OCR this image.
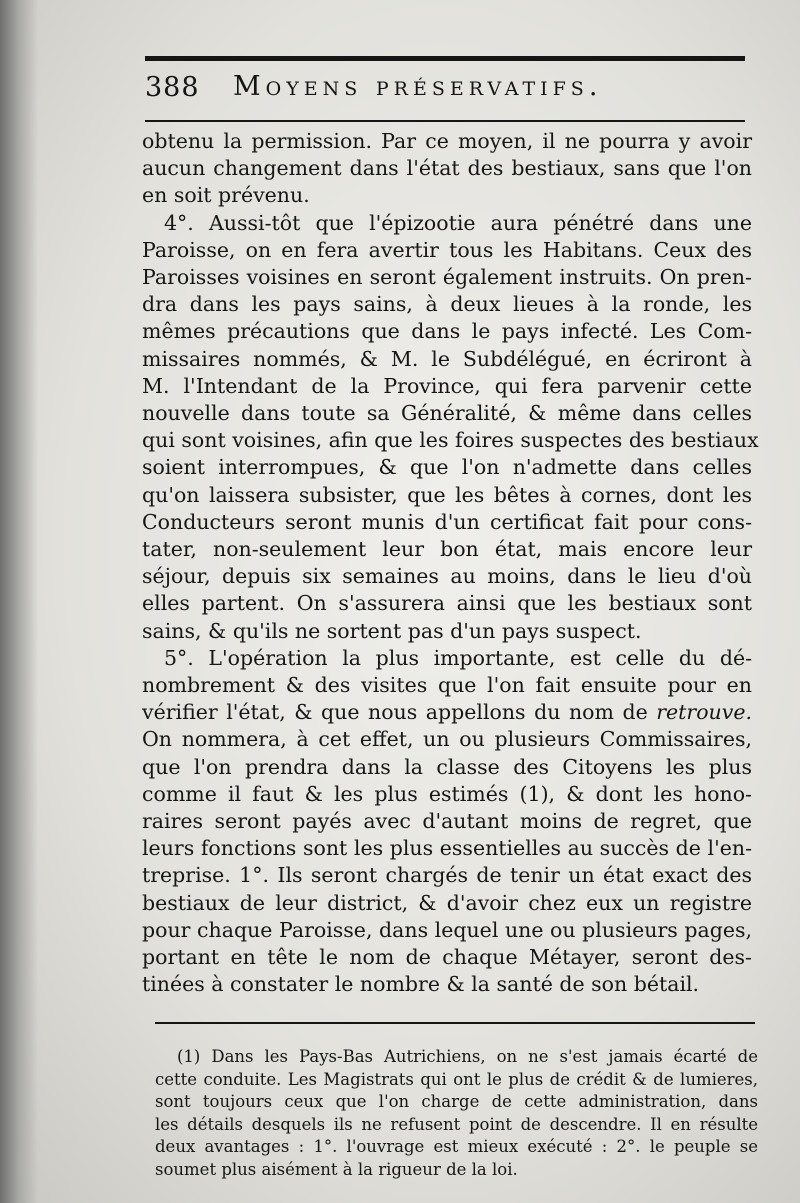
388 Moyens préservatifs.

obtenu la permission. Par ce moyen, il ne pourra y avoir
aucun changement dans l'état des bestiaux, sans que l'on
en soit prévenu.

4°. Aussi-tôt que l'épizootie aura pénétré dans une
Paroisse, on en fera avertir tous les Habitans. Ceux des
Paroisses voisines en seront également instruits. On pren-
dra dans les pays sains, à deux lieues à la ronde, les
mêmes précautions que dans le pays infecté. Les Com-
missaires nommés, & M. le Subdélégué, en écriront à
M. l'Intendant de la Province, qui fera parvenir cette
nouvelle dans toute sa Généralité, & même dans celles
qui sont voisines, afin que les foires suspectes des bestiaux
soient interrompues, & que l'on n'admette dans celles
qu'on laissera subsister, que les bêtes à cornes, dont les
Conducteurs seront munis d'un certificat fait pour cons-
tater, non-seulement leur bon état, mais encore leur
séjour, depuis six semaines au moins, dans le lieu d'où
elles partent. On s'assurera ainsi que les bestiaux sont
sains, & qu'ils ne sortent pas d'un pays suspect.

5°. L'opération la plus importante, est celle du dé-
nombrement & des visites que l'on fait ensuite pour en
vérifier l'état, & que nous appellons du nom de retrouve.
On nommera, à cet effet, un ou plusieurs Commissaires,
que l'on prendra dans la classe des Citoyens les plus
comme il faut & les plus estimés (1), & dont les hono-
raires seront payés avec d'autant moins de regret, que
leurs fonctions sont les plus essentielles au succès de l'en-
treprise. 1°. Ils seront chargés de tenir un état exact des
bestiaux de leur district, & d'avoir chez eux un registre
pour chaque Paroisse, dans lequel une ou plusieurs pages,
portant en tête le nom de chaque Métayer, seront des-
tinées à constater le nombre & la santé de son bétail.

(1) Dans les Pays-Bas Autrichiens, on ne s'est jamais écarté de
cette conduite. Les Magistrats qui ont le plus de crédit & de lumieres,
sont toujours ceux que l'on charge de cette administration, dans
les détails desquels ils ne refusent point de descendre. Il en résulte
deux avantages : 1°. l'ouvrage est mieux exécuté : 2°. le peuple se
soumet plus aisément à la rigueur de la loi.
